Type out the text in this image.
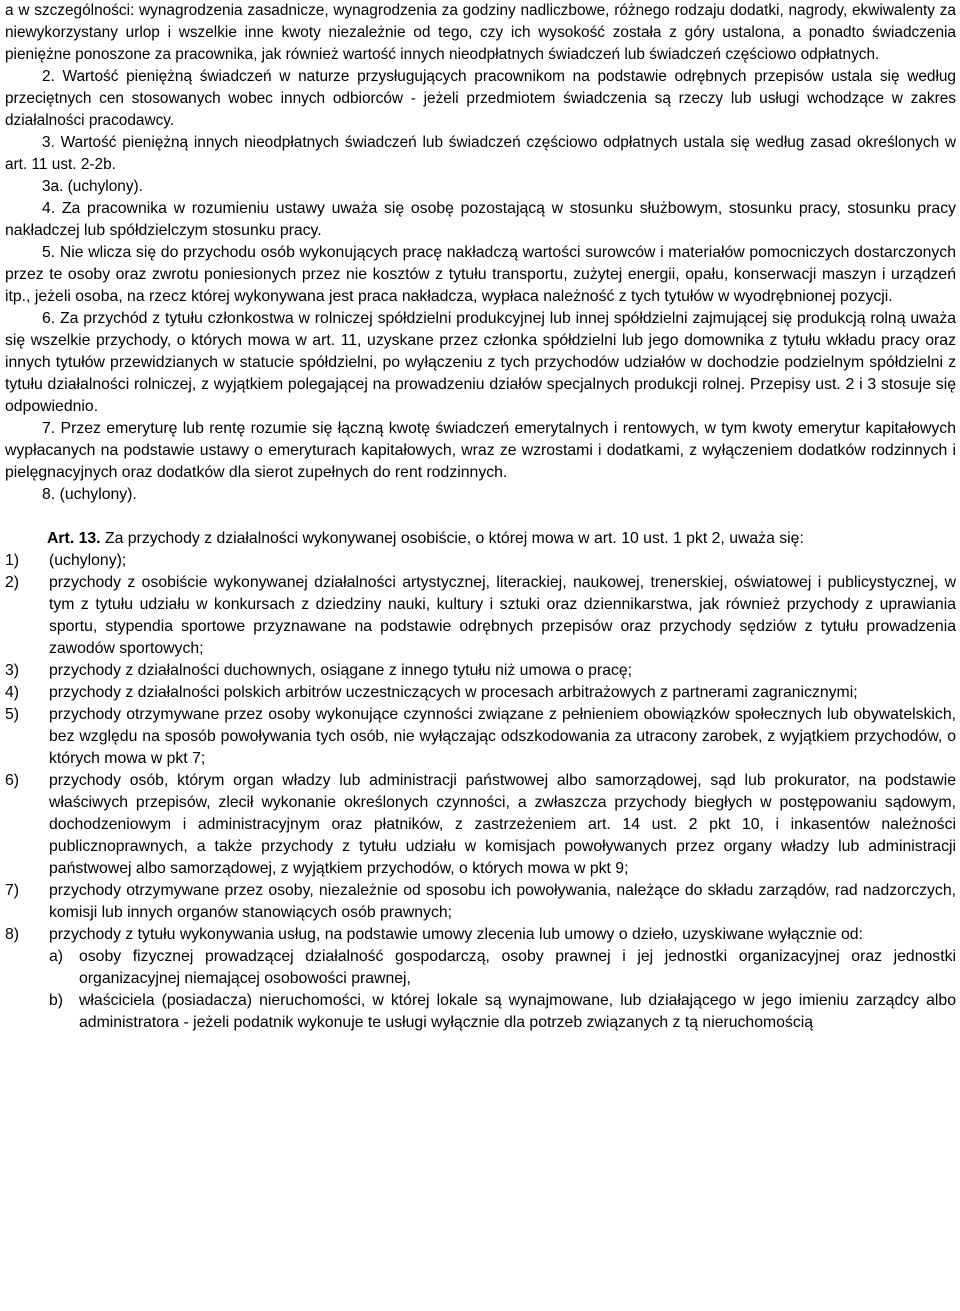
a w szczególności: wynagrodzenia zasadnicze, wynagrodzenia za godziny nadliczbowe, różnego rodzaju dodatki, nagrody, ekwiwalenty za niewykorzystany urlop i wszelkie inne kwoty niezależnie od tego, czy ich wysokość została z góry ustalona, a ponadto świadczenia pieniężne ponoszone za pracownika, jak również wartość innych nieodpłatnych świadczeń lub świadczeń częściowo odpłatnych.

2. Wartość pieniężną świadczeń w naturze przysługujących pracownikom na podstawie odrębnych przepisów ustala się według przeciętnych cen stosowanych wobec innych odbiorców - jeżeli przedmiotem świadczenia są rzeczy lub usługi wchodzące w zakres działalności pracodawcy.

3. Wartość pieniężną innych nieodpłatnych świadczeń lub świadczeń częściowo odpłatnych ustala się według zasad określonych w art. 11 ust. 2-2b.

3a. (uchylony).

4. Za pracownika w rozumieniu ustawy uważa się osobę pozostającą w stosunku służbowym, stosunku pracy, stosunku pracy nakładczej lub spółdzielczym stosunku pracy.

5. Nie wlicza się do przychodu osób wykonujących pracę nakładczą wartości surowców i materiałów pomocniczych dostarczonych przez te osoby oraz zwrotu poniesionych przez nie kosztów z tytułu transportu, zużytej energii, opału, konserwacji maszyn i urządzeń itp., jeżeli osoba, na rzecz której wykonywana jest praca nakładcza, wypłaca należność z tych tytułów w wyodrębnionej pozycji.

6. Za przychód z tytułu członkostwa w rolniczej spółdzielni produkcyjnej lub innej spółdzielni zajmującej się produkcją rolną uważa się wszelkie przychody, o których mowa w art. 11, uzyskane przez członka spółdzielni lub jego domownika z tytułu wkładu pracy oraz innych tytułów przewidzianych w statucie spółdzielni, po wyłączeniu z tych przychodów udziałów w dochodzie podzielnym spółdzielni z tytułu działalności rolniczej, z wyjątkiem polegającej na prowadzeniu działów specjalnych produkcji rolnej. Przepisy ust. 2 i 3 stosuje się odpowiednio.

7. Przez emeryturę lub rentę rozumie się łączną kwotę świadczeń emerytalnych i rentowych, w tym kwoty emerytur kapitałowych wypłacanych na podstawie ustawy o emeryturach kapitałowych, wraz ze wzrostami i dodatkami, z wyłączeniem dodatków rodzinnych i pielęgnacyjnych oraz dodatków dla sierot zupełnych do rent rodzinnych.

8. (uchylony).

Art. 13. Za przychody z działalności wykonywanej osobiście, o której mowa w art. 10 ust. 1 pkt 2, uważa się:

1)	(uchylony);
2)	przychody z osobiście wykonywanej działalności artystycznej, literackiej, naukowej, trenerskiej, oświatowej i publicystycznej, w tym z tytułu udziału w konkursach z dziedziny nauki, kultury i sztuki oraz dziennikarstwa, jak również przychody z uprawiania sportu, stypendia sportowe przyznawane na podstawie odrębnych przepisów oraz przychody sędziów z tytułu prowadzenia zawodów sportowych;
3)	przychody z działalności duchownych, osiągane z innego tytułu niż umowa o pracę;
4)	przychody z działalności polskich arbitrów uczestniczących w procesach arbitrażowych z partnerami zagranicznymi;
5)	przychody otrzymywane przez osoby wykonujące czynności związane z pełnieniem obowiązków społecznych lub obywatelskich, bez względu na sposób powoływania tych osób, nie wyłączając odszkodowania za utracony zarobek, z wyjątkiem przychodów, o których mowa w pkt 7;
6)	przychody osób, którym organ władzy lub administracji państwowej albo samorządowej, sąd lub prokurator, na podstawie właściwych przepisów, zlecił wykonanie określonych czynności, a zwłaszcza przychody biegłych w postępowaniu sądowym, dochodzeniowym i administracyjnym oraz płatników, z zastrzeżeniem art. 14 ust. 2 pkt 10, i inkasentów należności publicznoprawnych, a także przychody z tytułu udziału w komisjach powoływanych przez organy władzy lub administracji państwowej albo samorządowej, z wyjątkiem przychodów, o których mowa w pkt 9;
7)	przychody otrzymywane przez osoby, niezależnie od sposobu ich powoływania, należące do składu zarządów, rad nadzorczych, komisji lub innych organów stanowiących osób prawnych;
8)	przychody z tytułu wykonywania usług, na podstawie umowy zlecenia lub umowy o dzieło, uzyskiwane wyłącznie od:
a)	osoby fizycznej prowadzącej działalność gospodarczą, osoby prawnej i jej jednostki organizacyjnej oraz jednostki organizacyjnej niemającej osobowości prawnej,
b)	właściciela (posiadacza) nieruchomości, w której lokale są wynajmowane, lub działającego w jego imieniu zarządcy albo administratora - jeżeli podatnik wykonuje te usługi wyłącznie dla potrzeb związanych z tą nieruchomością
